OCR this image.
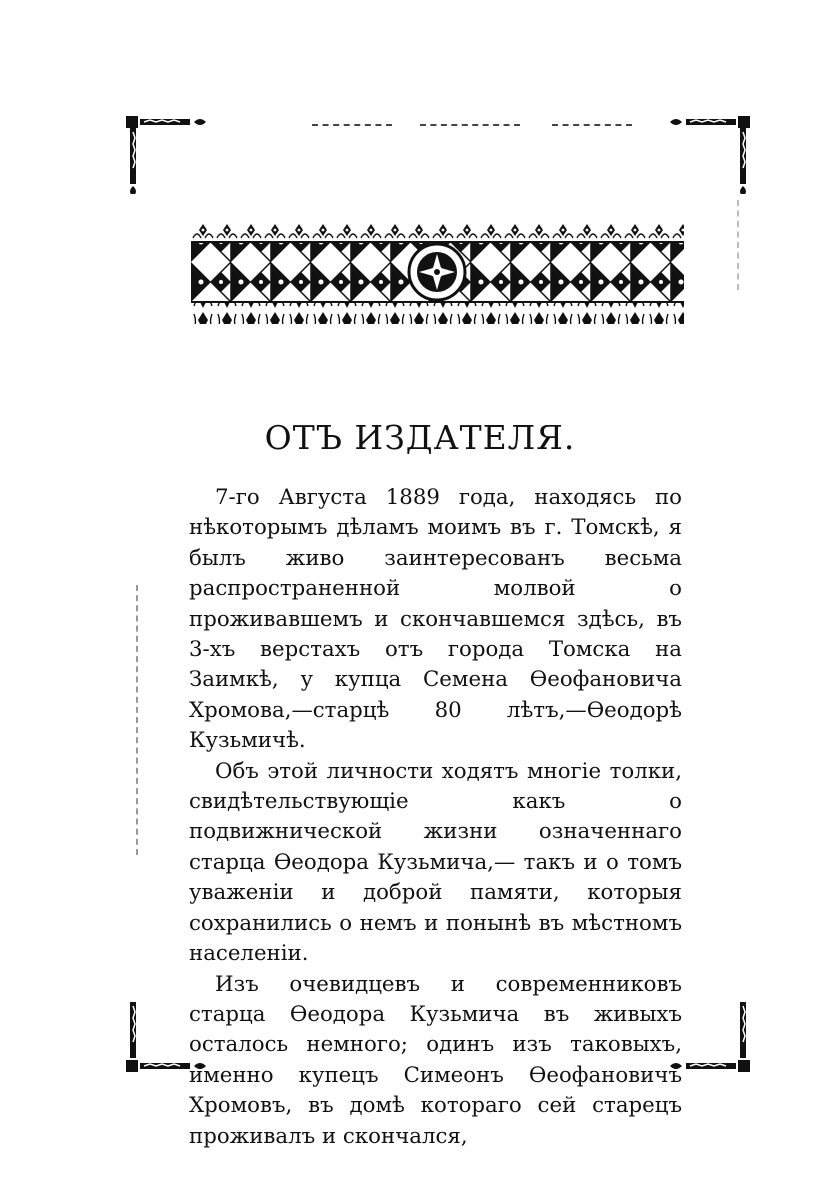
ОТЪ ИЗДАТЕЛЯ.

7-го Августа 1889 года, находясь по нѣкоторымъ дѣламъ моимъ въ г. Томскѣ, я былъ живо заинтересованъ весьма распространенной молвой о проживавшемъ и скончавшемся здѣсь, въ 3-хъ верстахъ отъ города Томска на Заимкѣ, у купца Семена Ѳеофановича Хромова,—старцѣ 80 лѣтъ,—Ѳеодорѣ Кузьмичѣ.

Объ этой личности ходятъ многіе толки, свидѣтельствующіе какъ о подвижнической жизни означеннаго старца Ѳеодора Кузьмича,— такъ и о томъ уваженіи и доброй памяти, которыя сохранились о немъ и понынѣ въ мѣстномъ населеніи.

Изъ очевидцевъ и современниковъ старца Ѳеодора Кузьмича въ живыхъ осталось немного; одинъ изъ таковыхъ, именно купецъ Симеонъ Ѳеофановичъ Хромовъ, въ домѣ котораго сей старецъ проживалъ и скончался,
